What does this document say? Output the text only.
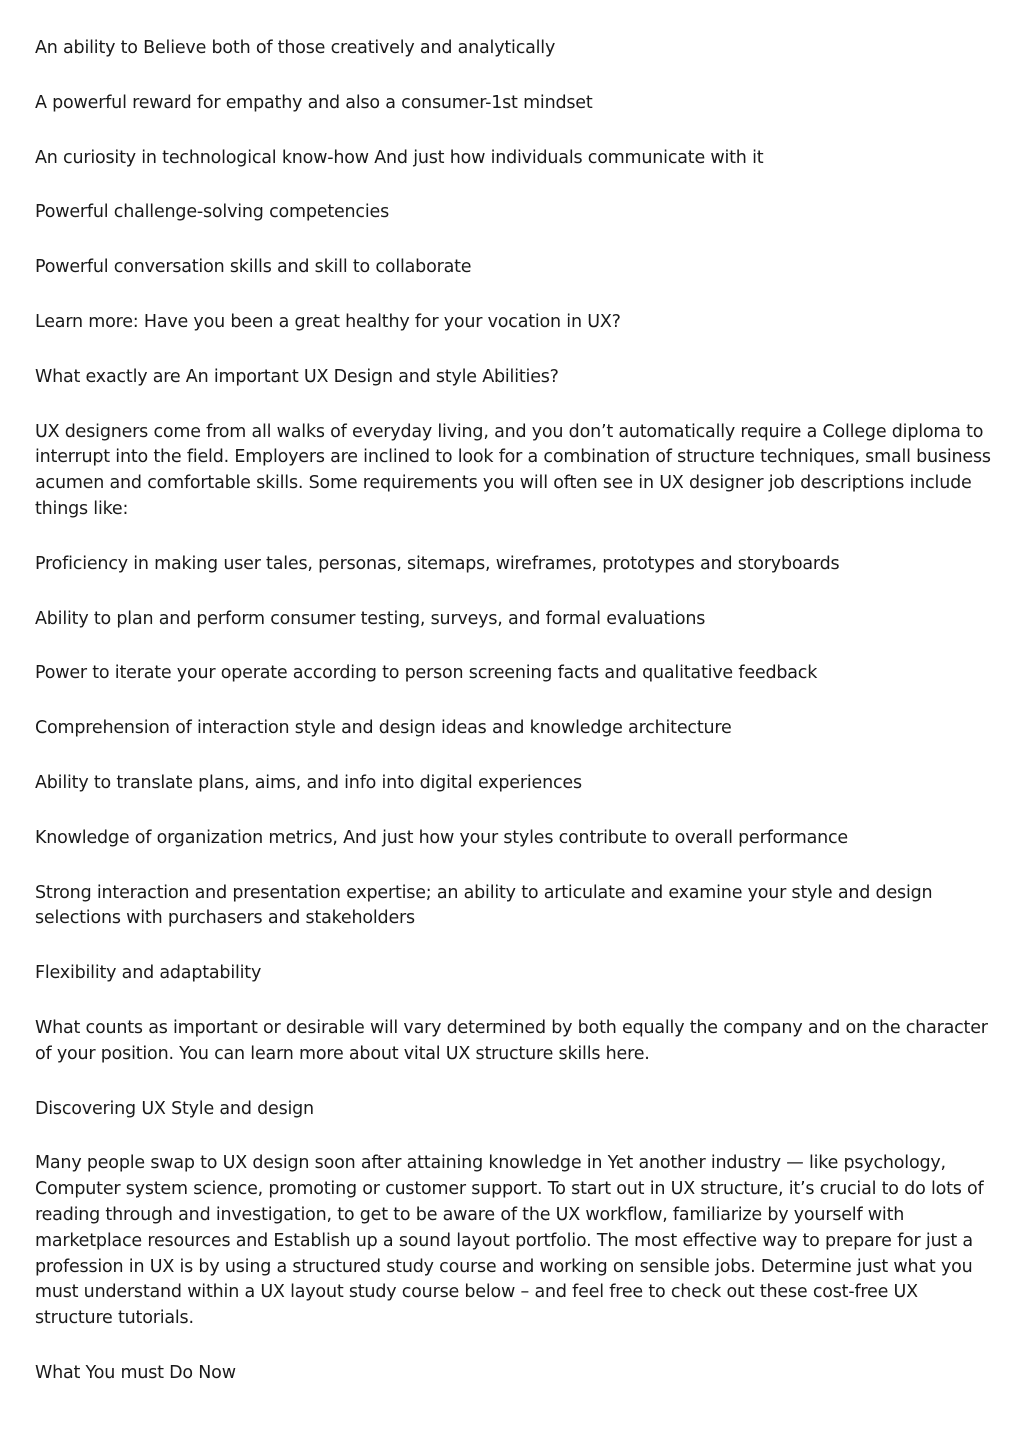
An ability to Believe both of those creatively and analytically

A powerful reward for empathy and also a consumer-1st mindset

An curiosity in technological know-how And just how individuals communicate with it

Powerful challenge-solving competencies

Powerful conversation skills and skill to collaborate

Learn more: Have you been a great healthy for your vocation in UX?

What exactly are An important UX Design and style Abilities?

UX designers come from all walks of everyday living, and you don’t automatically require a College diploma to interrupt into the field. Employers are inclined to look for a combination of structure techniques, small business acumen and comfortable skills. Some requirements you will often see in UX designer job descriptions include things like:

Proficiency in making user tales, personas, sitemaps, wireframes, prototypes and storyboards

Ability to plan and perform consumer testing, surveys, and formal evaluations

Power to iterate your operate according to person screening facts and qualitative feedback

Comprehension of interaction style and design ideas and knowledge architecture

Ability to translate plans, aims, and info into digital experiences

Knowledge of organization metrics, And just how your styles contribute to overall performance

Strong interaction and presentation expertise; an ability to articulate and examine your style and design selections with purchasers and stakeholders

Flexibility and adaptability

What counts as important or desirable will vary determined by both equally the company and on the character of your position. You can learn more about vital UX structure skills here.

Discovering UX Style and design

Many people swap to UX design soon after attaining knowledge in Yet another industry — like psychology, Computer system science, promoting or customer support. To start out in UX structure, it’s crucial to do lots of reading through and investigation, to get to be aware of the UX workflow, familiarize by yourself with marketplace resources and Establish up a sound layout portfolio. The most effective way to prepare for just a profession in UX is by using a structured study course and working on sensible jobs. Determine just what you must understand within a UX layout study course below – and feel free to check out these cost-free UX structure tutorials.

What You must Do Now
